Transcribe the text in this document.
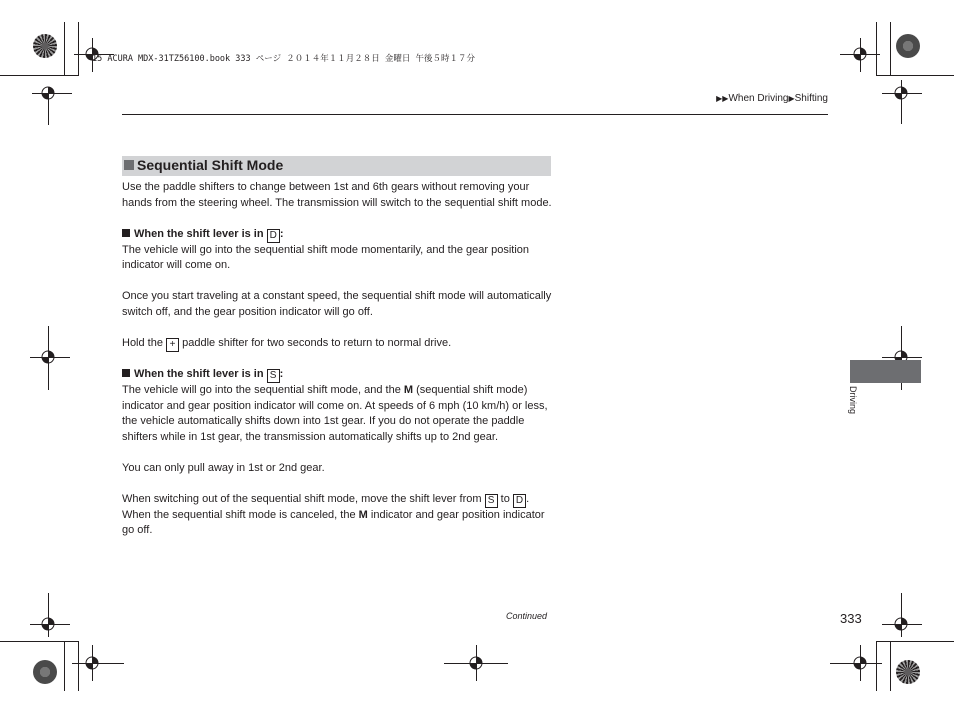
15 ACURA MDX-31TZ56100.book 333 ページ ２０１４年１１月２８日 金曜日 午後５時１７分
▶▶When Driving▶Shifting
Sequential Shift Mode

Use the paddle shifters to change between 1st and 6th gears without removing your hands from the steering wheel. The transmission will switch to the sequential shift mode.

When the shift lever is in D :

The vehicle will go into the sequential shift mode momentarily, and the gear position indicator will come on.

Once you start traveling at a constant speed, the sequential shift mode will automatically switch off, and the gear position indicator will go off.

Hold the + paddle shifter for two seconds to return to normal drive.

When the shift lever is in S :

The vehicle will go into the sequential shift mode, and the M (sequential shift mode) indicator and gear position indicator will come on. At speeds of 6 mph (10 km/h) or less, the vehicle automatically shifts down into 1st gear. If you do not operate the paddle shifters while in 1st gear, the transmission automatically shifts up to 2nd gear.

You can only pull away in 1st or 2nd gear.

When switching out of the sequential shift mode, move the shift lever from S to D . When the sequential shift mode is canceled, the M indicator and gear position indicator go off.

Continued	333
Driving
